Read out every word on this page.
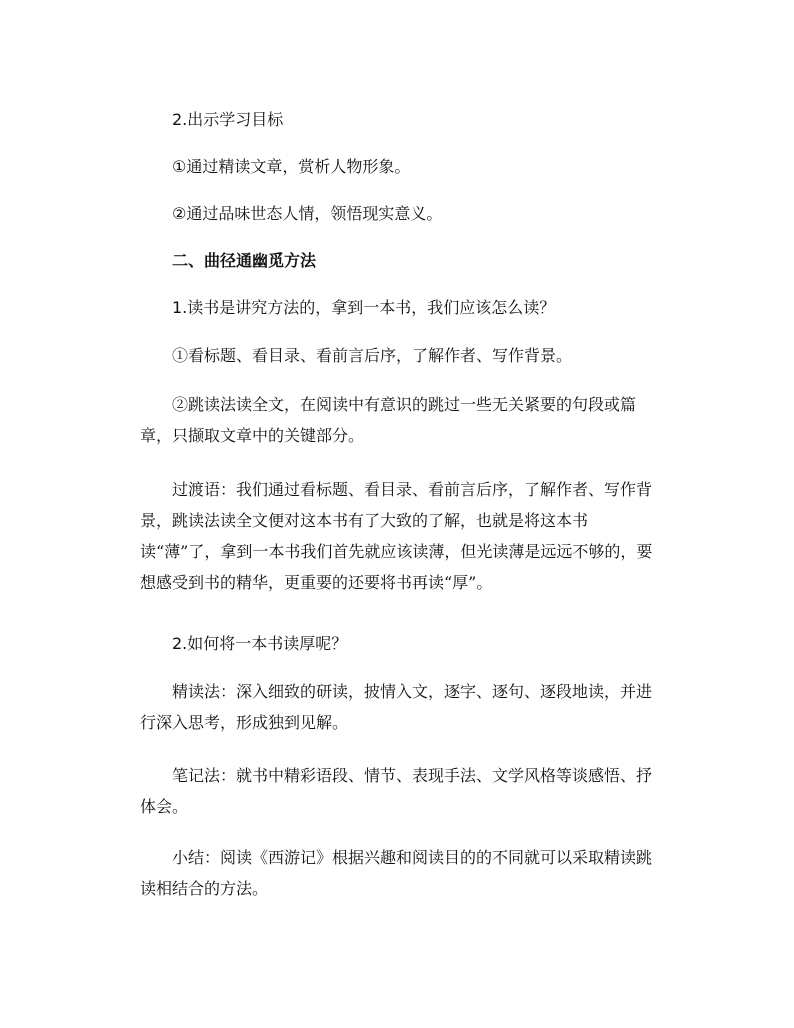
2.出示学习目标

①通过精读文章，赏析人物形象。

②通过品味世态人情，领悟现实意义。

二、曲径通幽觅方法

1.读书是讲究方法的，拿到一本书，我们应该怎么读？

①看标题、看目录、看前言后序，了解作者、写作背景。

②跳读法读全文，在阅读中有意识的跳过一些无关紧要的句段或篇章，只撷取文章中的关键部分。

过渡语：我们通过看标题、看目录、看前言后序，了解作者、写作背景，跳读法读全文便对这本书有了大致的了解，也就是将这本书读“薄”了，拿到一本书我们首先就应该读薄，但光读薄是远远不够的，要想感受到书的精华，更重要的还要将书再读“厚”。

2.如何将一本书读厚呢？

精读法：深入细致的研读，披情入文，逐字、逐句、逐段地读，并进行深入思考，形成独到见解。

笔记法：就书中精彩语段、情节、表现手法、文学风格等谈感悟、抒体会。

小结：阅读《西游记》根据兴趣和阅读目的的不同就可以采取精读跳读相结合的方法。
